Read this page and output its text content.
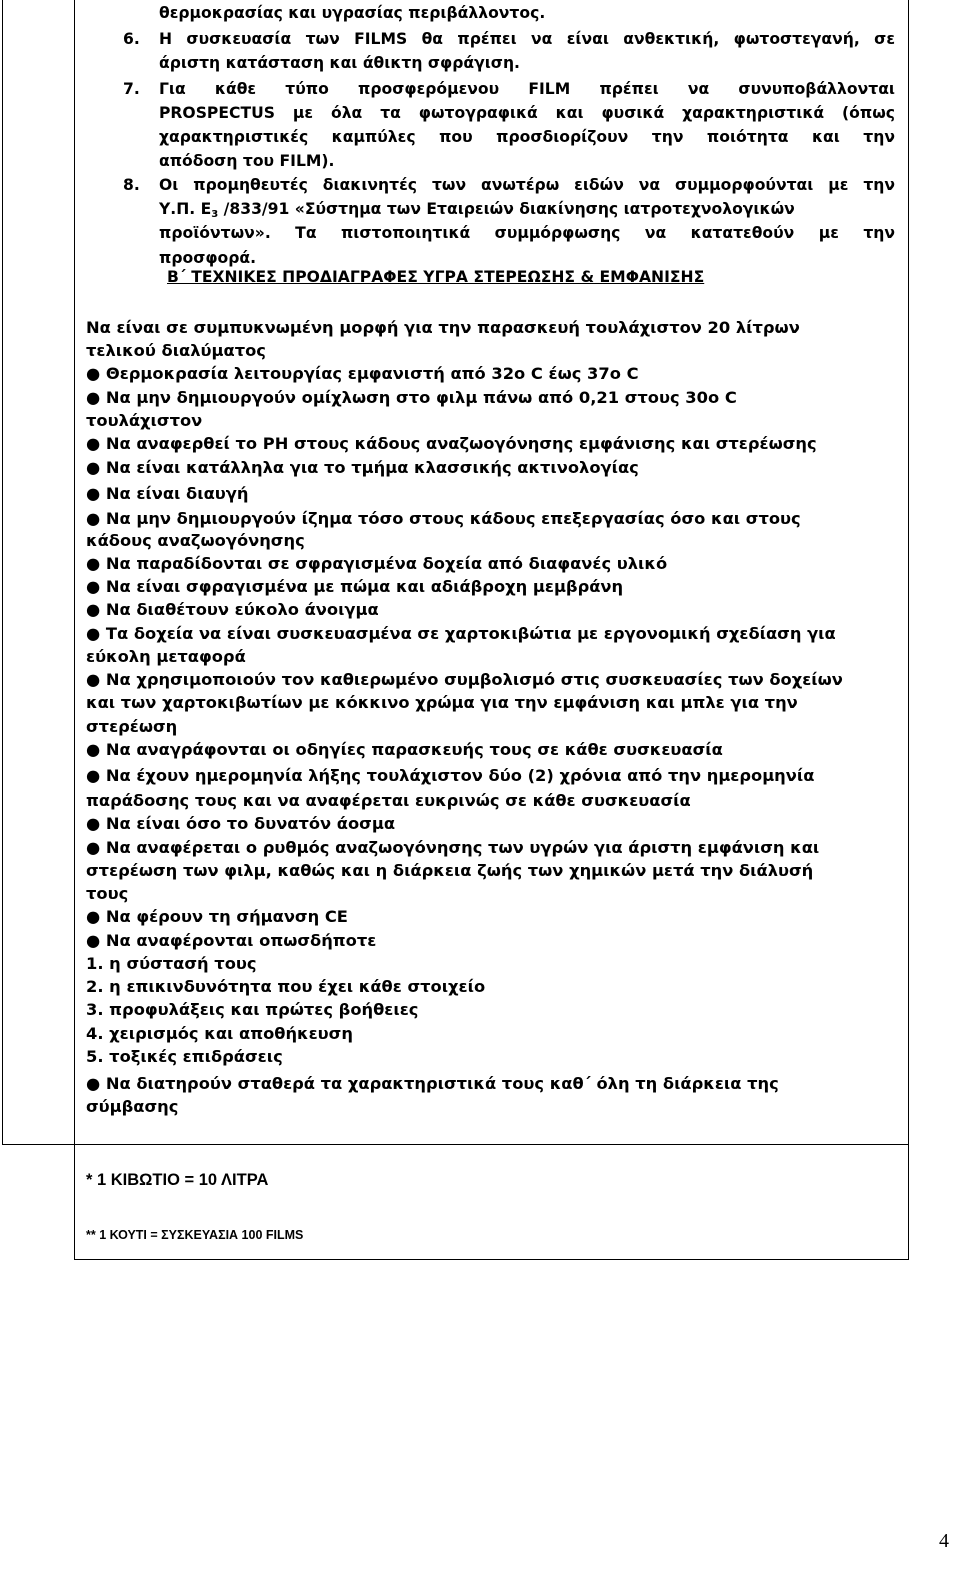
θερμοκρασίας και υγρασίας περιβάλλοντος.
6. Η συσκευασία των FILMS θα πρέπει να είναι ανθεκτική, φωτοστεγανή, σε
άριστη κατάσταση και άθικτη σφράγιση.
7. Για κάθε τύπο προσφερόμενου FILM πρέπει να συνυποβάλλονται
PROSPECTUS με όλα τα φωτογραφικά και φυσικά χαρακτηριστικά (όπως
χαρακτηριστικές καμπύλες που προσδιορίζουν την ποιότητα και την
απόδοση του FILM).
8. Οι προμηθευτές διακινητές των ανωτέρω ειδών να συμμορφούνται με την
Υ.Π. $E_3$ /833/91 «Σύστημα των Εταιρειών διακίνησης ιατροτεχνολογικών
προϊόντων». Τα πιστοποιητικά συμμόρφωσης να κατατεθούν με την
προσφορά.
Β΄ ΤΕΧΝΙΚΕΣ ΠΡΟΔΙΑΓΡΑΦΕΣ ΥΓΡΑ ΣΤΕΡΕΩΣΗΣ & ΕΜΦΑΝΙΣΗΣ
Να είναι σε συμπυκνωμένη μορφή για την παρασκευή τουλάχιστον 20 λίτρων
τελικού διαλύματος
● Θερμοκρασία λειτουργίας εμφανιστή από 32ο C έως 37ο C
● Να μην δημιουργούν ομίχλωση στο φιλμ πάνω από 0,21 στους 30ο C
τουλάχιστον
● Να αναφερθεί το PH στους κάδους αναζωογόνησης εμφάνισης και στερέωσης
● Να είναι κατάλληλα για το τμήμα κλασσικής ακτινολογίας
● Να είναι διαυγή
● Να μην δημιουργούν ίζημα τόσο στους κάδους επεξεργασίας όσο και στους
κάδους αναζωογόνησης
● Να παραδίδονται σε σφραγισμένα δοχεία από διαφανές υλικό
● Να είναι σφραγισμένα με πώμα και αδιάβροχη μεμβράνη
● Να διαθέτουν εύκολο άνοιγμα
● Τα δοχεία να είναι συσκευασμένα σε χαρτοκιβώτια με εργονομική σχεδίαση για
εύκολη μεταφορά
● Να χρησιμοποιούν τον καθιερωμένο συμβολισμό στις συσκευασίες των δοχείων
και των χαρτοκιβωτίων με κόκκινο χρώμα για την εμφάνιση και μπλε για την
στερέωση
● Να αναγράφονται οι οδηγίες παρασκευής τους σε κάθε συσκευασία
● Να έχουν ημερομηνία λήξης τουλάχιστον δύο (2) χρόνια από την ημερομηνία
παράδοσης τους και να αναφέρεται ευκρινώς σε κάθε συσκευασία
● Να είναι όσο το δυνατόν άοσμα
● Να αναφέρεται ο ρυθμός αναζωογόνησης των υγρών για άριστη εμφάνιση και
στερέωση των φιλμ, καθώς και η διάρκεια ζωής των χημικών μετά την διάλυσή
τους
● Να φέρουν τη σήμανση CE
● Να αναφέρονται οπωσδήποτε
1. η σύστασή τους
2. η επικινδυνότητα που έχει κάθε στοιχείο
3. προφυλάξεις και πρώτες βοήθειες
4. χειρισμός και αποθήκευση
5. τοξικές επιδράσεις
● Να διατηρούν σταθερά τα χαρακτηριστικά τους καθ΄ όλη τη διάρκεια της
σύμβασης
* 1 ΚΙΒΩΤΙΟ = 10 ΛΙΤΡΑ
** 1 ΚΟΥΤΙ = ΣΥΣΚΕΥΑΣΙΑ 100 FILMS
4
